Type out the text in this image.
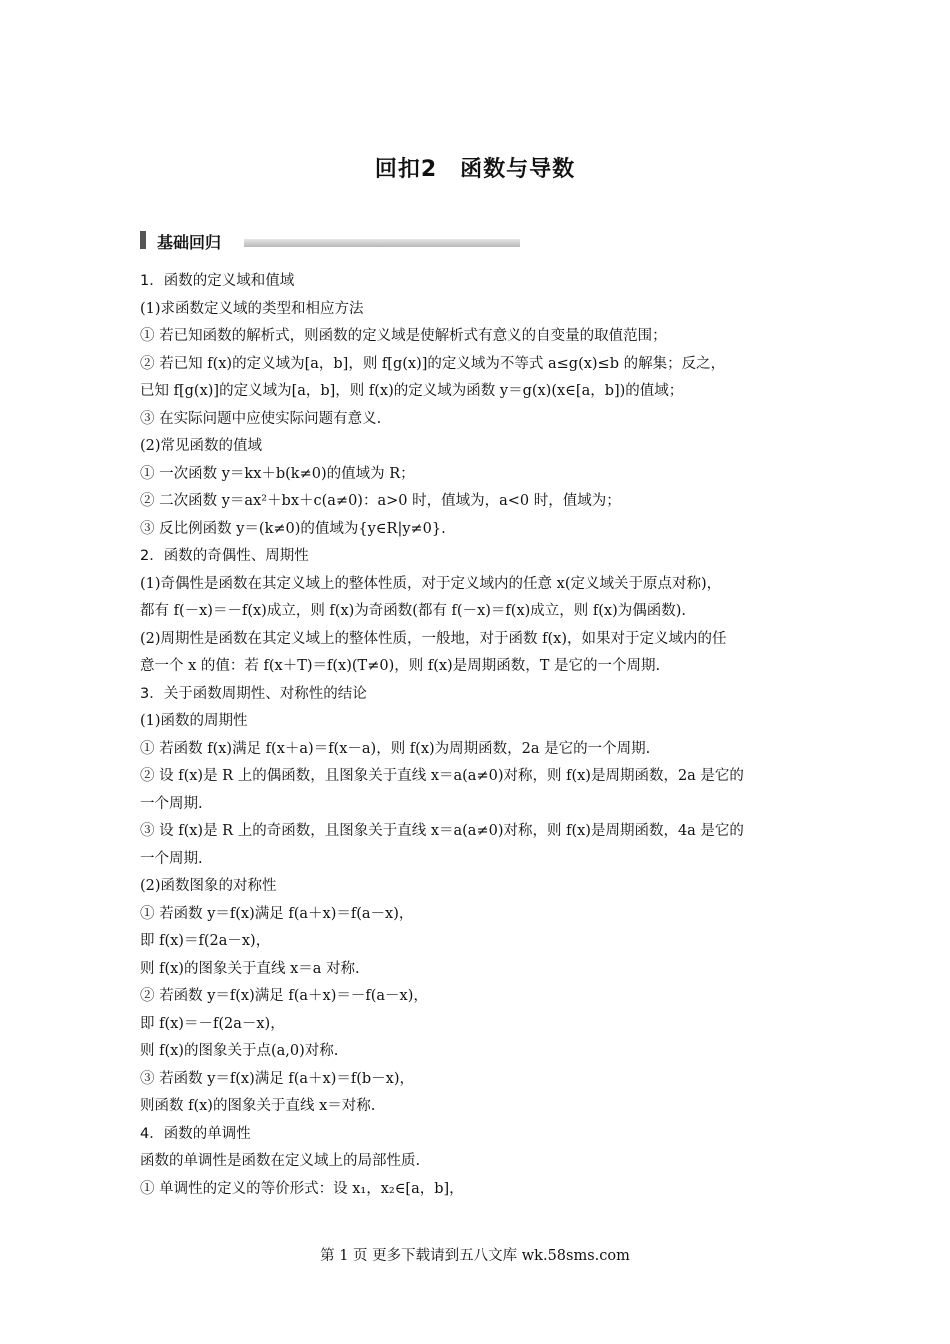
回扣2　函数与导数
基础回归

1．函数的定义域和值域

(1)求函数定义域的类型和相应方法

① 若已知函数的解析式，则函数的定义域是使解析式有意义的自变量的取值范围；

② 若已知 f(x)的定义域为[a，b]，则 f[g(x)]的定义域为不等式 a≤g(x)≤b 的解集；反之，

已知 f[g(x)]的定义域为[a，b]，则 f(x)的定义域为函数 y＝g(x)(x∈[a，b])的值域；

③ 在实际问题中应使实际问题有意义.

(2)常见函数的值域

① 一次函数 y＝kx＋b(k≠0)的值域为 R；

② 二次函数 y＝ax²＋bx＋c(a≠0)：a>0 时，值域为，a<0 时，值域为；

③ 反比例函数 y＝(k≠0)的值域为{y∈R|y≠0}.

2．函数的奇偶性、周期性

(1)奇偶性是函数在其定义域上的整体性质，对于定义域内的任意 x(定义域关于原点对称)，

都有 f(－x)＝－f(x)成立，则 f(x)为奇函数(都有 f(－x)＝f(x)成立，则 f(x)为偶函数).

(2)周期性是函数在其定义域上的整体性质，一般地，对于函数 f(x)，如果对于定义域内的任

意一个 x 的值：若 f(x＋T)＝f(x)(T≠0)，则 f(x)是周期函数，T 是它的一个周期.

3．关于函数周期性、对称性的结论

(1)函数的周期性

① 若函数 f(x)满足 f(x＋a)＝f(x－a)，则 f(x)为周期函数，2a 是它的一个周期.

② 设 f(x)是 R 上的偶函数，且图象关于直线 x＝a(a≠0)对称，则 f(x)是周期函数，2a 是它的

一个周期.

③ 设 f(x)是 R 上的奇函数，且图象关于直线 x＝a(a≠0)对称，则 f(x)是周期函数，4a 是它的

一个周期.

(2)函数图象的对称性

① 若函数 y＝f(x)满足 f(a＋x)＝f(a－x)，

即 f(x)＝f(2a－x)，

则 f(x)的图象关于直线 x＝a 对称.

② 若函数 y＝f(x)满足 f(a＋x)＝－f(a－x)，

即 f(x)＝－f(2a－x)，

则 f(x)的图象关于点(a,0)对称.

③ 若函数 y＝f(x)满足 f(a＋x)＝f(b－x)，

则函数 f(x)的图象关于直线 x＝对称.

4．函数的单调性

函数的单调性是函数在定义域上的局部性质.

① 单调性的定义的等价形式：设 x₁，x₂∈[a，b]，

第 1 页 更多下载请到五八文库 wk.58sms.com
